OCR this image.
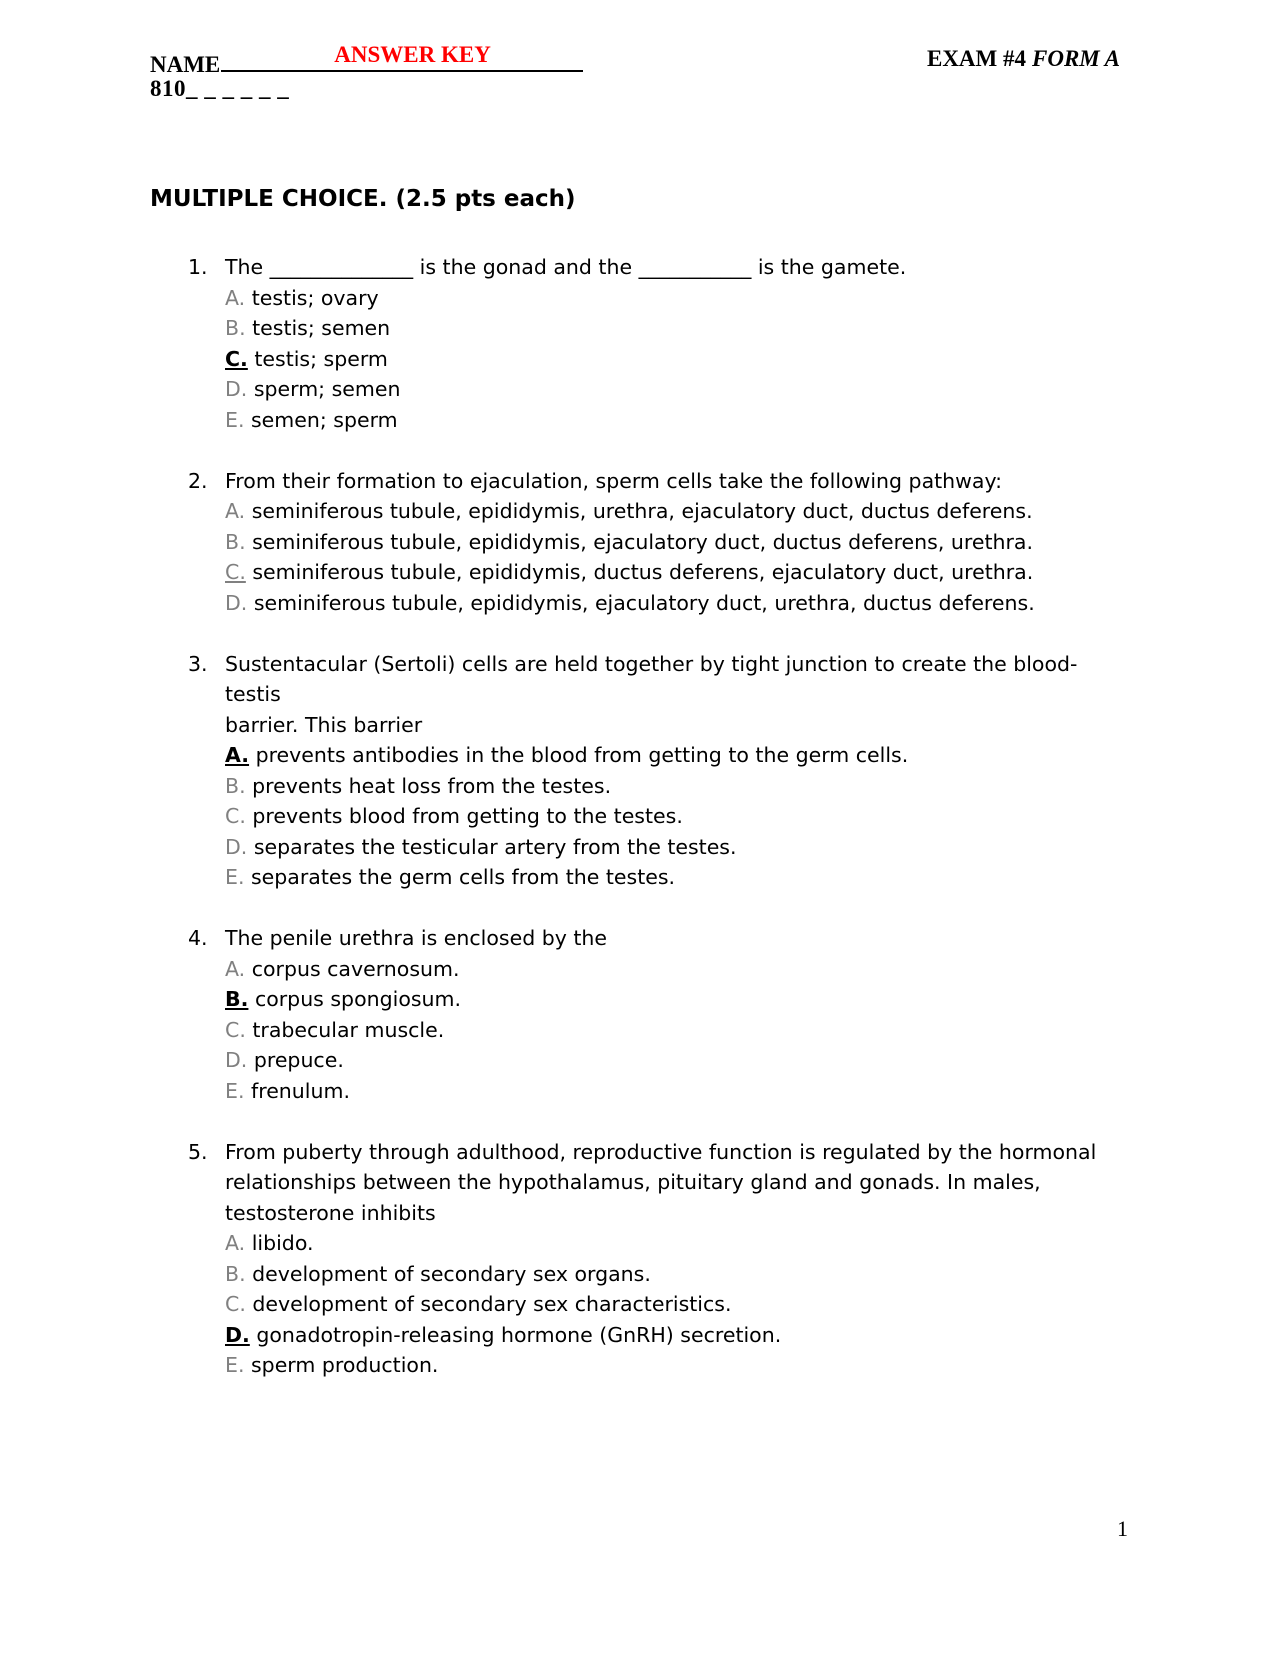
NAME	ANSWER KEY	EXAM #4 FORM A
810_ _ _ _ _ _
MULTIPLE CHOICE. (2.5 pts each)
1. The ______________ is the gonad and the ___________ is the gamete.
A. testis; ovary
B. testis; semen
C. testis; sperm
D. sperm; semen
E. semen; sperm
2. From their formation to ejaculation, sperm cells take the following pathway:
A. seminiferous tubule, epididymis, urethra, ejaculatory duct, ductus deferens.
B. seminiferous tubule, epididymis, ejaculatory duct, ductus deferens, urethra.
C. seminiferous tubule, epididymis, ductus deferens, ejaculatory duct, urethra.
D. seminiferous tubule, epididymis, ejaculatory duct, urethra, ductus deferens.
3. Sustentacular (Sertoli) cells are held together by tight junction to create the blood-testis
barrier. This barrier
A. prevents antibodies in the blood from getting to the germ cells.
B. prevents heat loss from the testes.
C. prevents blood from getting to the testes.
D. separates the testicular artery from the testes.
E. separates the germ cells from the testes.
4. The penile urethra is enclosed by the
A. corpus cavernosum.
B. corpus spongiosum.
C. trabecular muscle.
D. prepuce.
E. frenulum.
5. From puberty through adulthood, reproductive function is regulated by the hormonal
relationships between the hypothalamus, pituitary gland and gonads. In males,
testosterone inhibits
A. libido.
B. development of secondary sex organs.
C. development of secondary sex characteristics.
D. gonadotropin-releasing hormone (GnRH) secretion.
E. sperm production.
1
